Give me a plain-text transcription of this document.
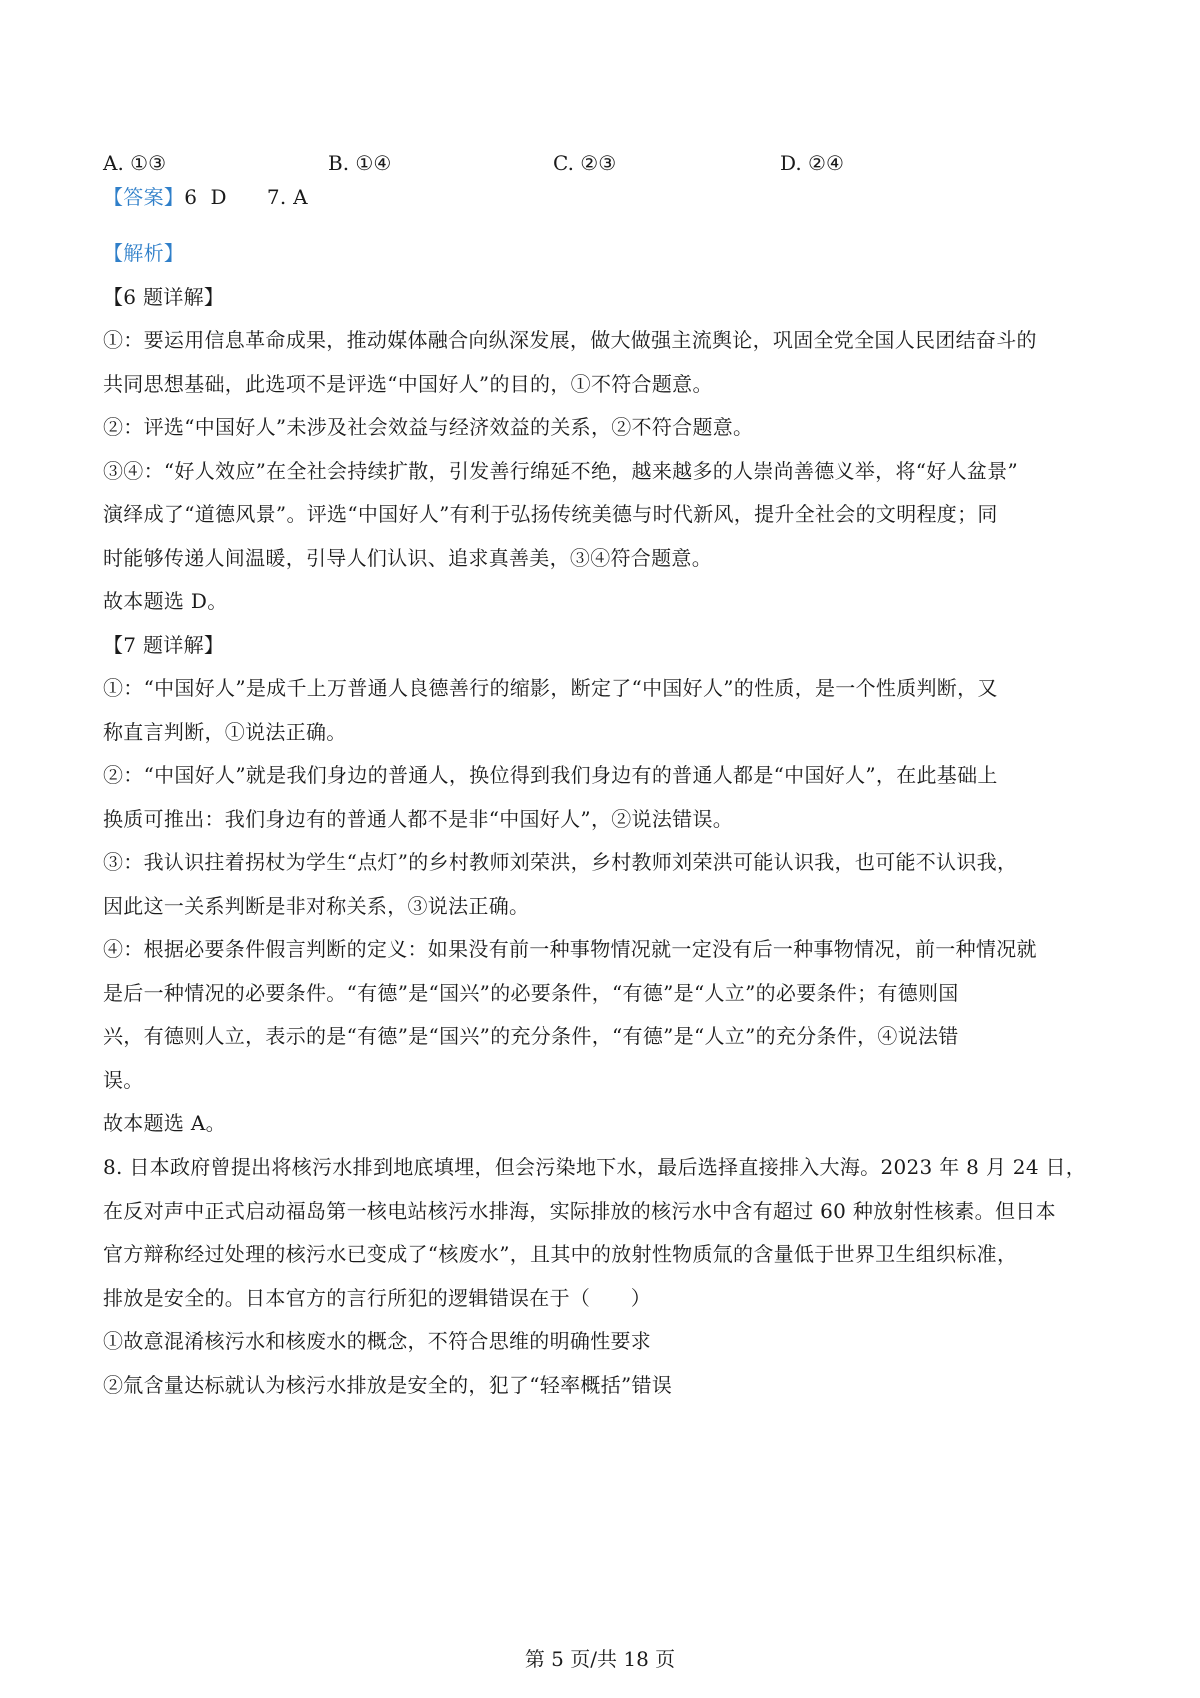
A. ①③	B. ①④	C. ②③	D. ②④
【答案】6  D      7. A
【解析】
【6 题详解】
①：要运用信息革命成果，推动媒体融合向纵深发展，做大做强主流舆论，巩固全党全国人民团结奋斗的
共同思想基础，此选项不是评选“中国好人”的目的，①不符合题意。
②：评选“中国好人”未涉及社会效益与经济效益的关系，②不符合题意。
③④：“好人效应”在全社会持续扩散，引发善行绵延不绝，越来越多的人崇尚善德义举，将“好人盆景”
演绎成了“道德风景”。评选“中国好人”有利于弘扬传统美德与时代新风，提升全社会的文明程度；同
时能够传递人间温暖，引导人们认识、追求真善美，③④符合题意。
故本题选 D。
【7 题详解】
①：“中国好人”是成千上万普通人良德善行的缩影，断定了“中国好人”的性质，是一个性质判断，又
称直言判断，①说法正确。
②：“中国好人”就是我们身边的普通人，换位得到我们身边有的普通人都是“中国好人”，在此基础上
换质可推出：我们身边有的普通人都不是非“中国好人”，②说法错误。
③：我认识拄着拐杖为学生“点灯”的乡村教师刘荣洪，乡村教师刘荣洪可能认识我，也可能不认识我，
因此这一关系判断是非对称关系，③说法正确。
④：根据必要条件假言判断的定义：如果没有前一种事物情况就一定没有后一种事物情况，前一种情况就
是后一种情况的必要条件。“有德”是“国兴”的必要条件，“有德”是“人立”的必要条件；有德则国
兴，有德则人立，表示的是“有德”是“国兴”的充分条件，“有德”是“人立”的充分条件，④说法错
误。
故本题选 A。
8. 日本政府曾提出将核污水排到地底填埋，但会污染地下水，最后选择直接排入大海。2023 年 8 月 24 日，
在反对声中正式启动福岛第一核电站核污水排海，实际排放的核污水中含有超过 60 种放射性核素。但日本
官方辩称经过处理的核污水已变成了“核废水”，且其中的放射性物质氚的含量低于世界卫生组织标准，
排放是安全的。日本官方的言行所犯的逻辑错误在于（　　）
①故意混淆核污水和核废水的概念，不符合思维的明确性要求
②氚含量达标就认为核污水排放是安全的，犯了“轻率概括”错误
第 5 页/共 18 页
